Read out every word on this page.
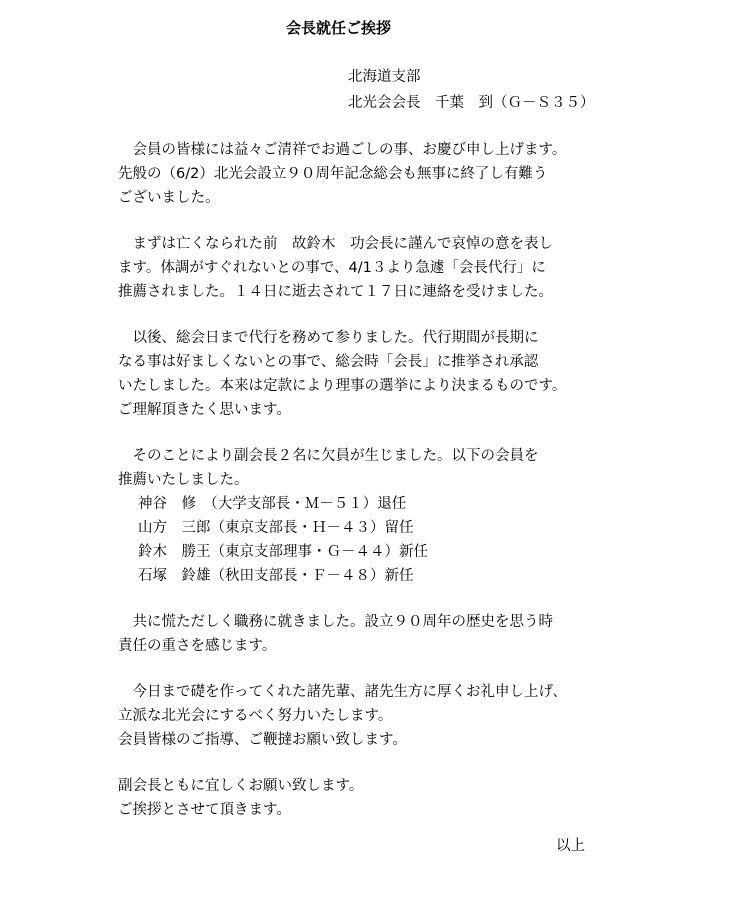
会長就任ご挨拶
北海道支部
北光会会長　千葉　到（Ｇ－Ｓ３５）
　会員の皆様には益々ご清祥でお過ごしの事、お慶び申し上げます。
先般の（6/2）北光会設立９０周年記念総会も無事に終了し有難う
ございました。
　まずは亡くなられた前　故鈴木　功会長に謹んで哀悼の意を表し
ます。体調がすぐれないとの事で、4/1３より急遽「会長代行」に
推薦されました。１４日に逝去されて１７日に連絡を受けました。
　以後、総会日まで代行を務めて参りました。代行期間が長期に
なる事は好ましくないとの事で、総会時「会長」に推挙され承認
いたしました。本来は定款により理事の選挙により決まるものです。
ご理解頂きたく思います。
　そのことにより副会長２名に欠員が生じました。以下の会員を
推薦いたしました。
神谷　修　（大学支部長・Ｍ－５１）退任
山方　三郎（東京支部長・Ｈ－４３）留任
鈴木　勝王（東京支部理事・Ｇ－４４）新任
石塚　鈴雄（秋田支部長・Ｆ－４８）新任
　共に慌ただしく職務に就きました。設立９０周年の歴史を思う時
責任の重さを感じます。
　今日まで礎を作ってくれた諸先輩、諸先生方に厚くお礼申し上げ、
立派な北光会にするべく努力いたします。
会員皆様のご指導、ご鞭撻お願い致します。
副会長ともに宜しくお願い致します。
ご挨拶とさせて頂きます。
以上
